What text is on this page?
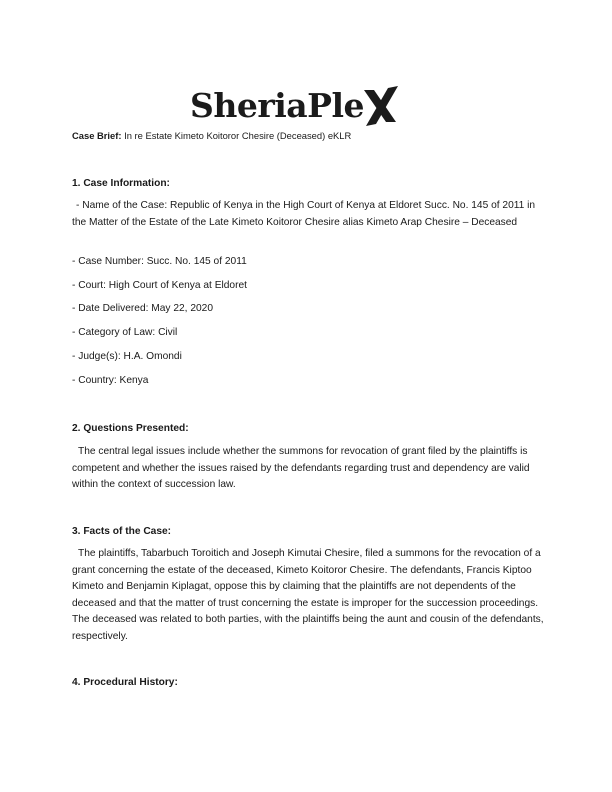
SheriaPle
Case Brief: In re Estate Kimeto Koitoror Chesire (Deceased) eKLR
1. Case Information:
- Name of the Case: Republic of Kenya in the High Court of Kenya at Eldoret Succ. No. 145 of 2011 in the Matter of the Estate of the Late Kimeto Koitoror Chesire alias Kimeto Arap Chesire – Deceased
- Case Number: Succ. No. 145 of 2011
- Court: High Court of Kenya at Eldoret
- Date Delivered: May 22, 2020
- Category of Law: Civil
- Judge(s): H.A. Omondi
- Country: Kenya
2. Questions Presented:
The central legal issues include whether the summons for revocation of grant filed by the plaintiffs is competent and whether the issues raised by the defendants regarding trust and dependency are valid within the context of succession law.
3. Facts of the Case:
The plaintiffs, Tabarbuch Toroitich and Joseph Kimutai Chesire, filed a summons for the revocation of a grant concerning the estate of the deceased, Kimeto Koitoror Chesire. The defendants, Francis Kiptoo Kimeto and Benjamin Kiplagat, oppose this by claiming that the plaintiffs are not dependents of the deceased and that the matter of trust concerning the estate is improper for the succession proceedings. The deceased was related to both parties, with the plaintiffs being the aunt and cousin of the defendants, respectively.
4. Procedural History:
